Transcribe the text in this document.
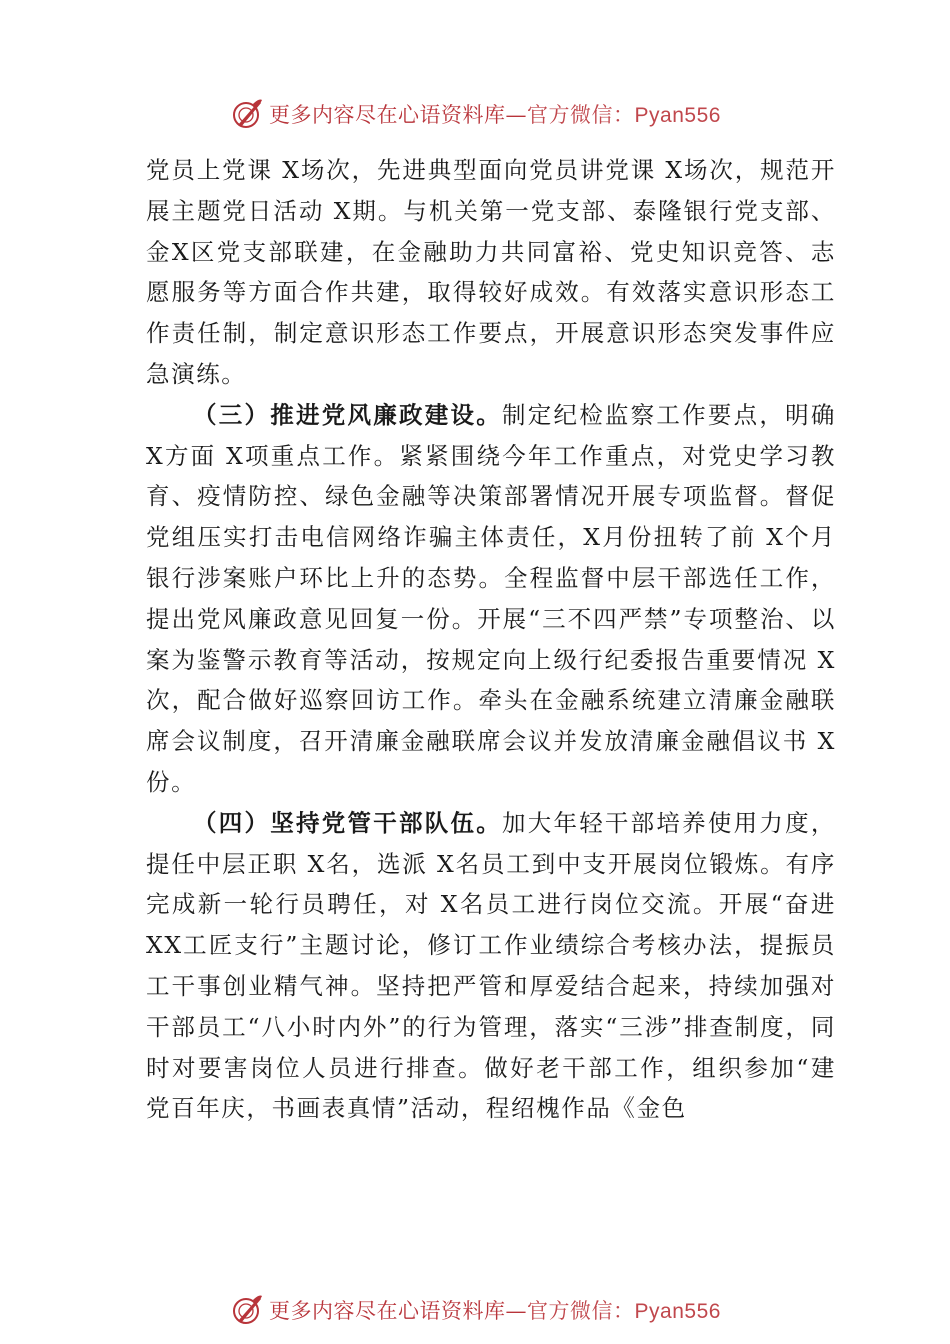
更多内容尽在心语资料库—官方微信：Pyan556

党员上党课 X场次，先进典型面向党员讲党课 X场次，规范开展主题党日活动 X期。与机关第一党支部、泰隆银行党支部、金Ⅹ区党支部联建，在金融助力共同富裕、党史知识竞答、志愿服务等方面合作共建，取得较好成效。有效落实意识形态工作责任制，制定意识形态工作要点，开展意识形态突发事件应急演练。

（三）推进党风廉政建设。制定纪检监察工作要点，明确 X方面 X项重点工作。紧紧围绕今年工作重点，对党史学习教育、疫情防控、绿色金融等决策部署情况开展专项监督。督促党组压实打击电信网络诈骗主体责任，X月份扭转了前 X个月银行涉案账户环比上升的态势。全程监督中层干部选任工作，提出党风廉政意见回复一份。开展“三不四严禁”专项整治、以案为鉴警示教育等活动，按规定向上级行纪委报告重要情况 X次，配合做好巡察回访工作。牵头在金融系统建立清廉金融联席会议制度，召开清廉金融联席会议并发放清廉金融倡议书 X份。

（四）坚持党管干部队伍。加大年轻干部培养使用力度，提任中层正职 X名，选派 X名员工到中支开展岗位锻炼。有序完成新一轮行员聘任，对 X名员工进行岗位交流。开展“奋进 XX工匠支行”主题讨论，修订工作业绩综合考核办法，提振员工干事创业精气神。坚持把严管和厚爱结合起来，持续加强对干部员工“八小时内外”的行为管理，落实“三涉”排查制度，同时对要害岗位人员进行排查。做好老干部工作，组织参加“建党百年庆，书画表真情”活动，程绍槐作品《金色

更多内容尽在心语资料库—官方微信：Pyan556
